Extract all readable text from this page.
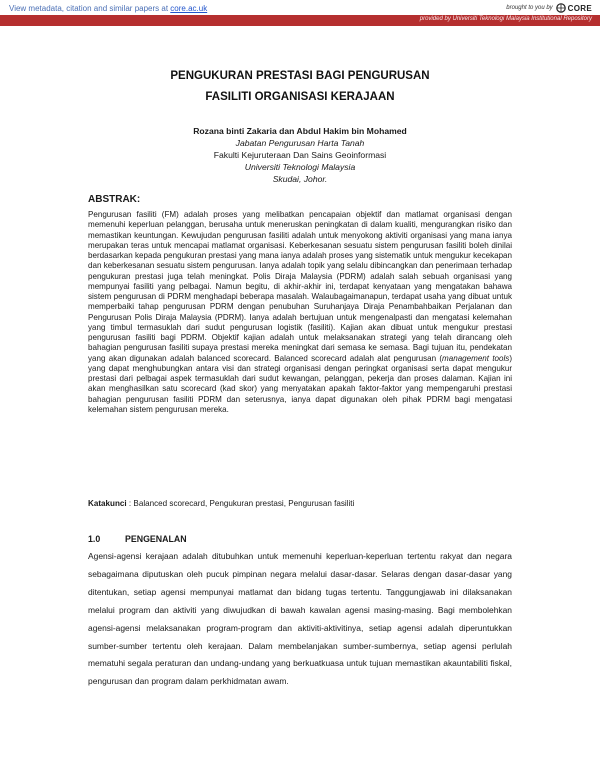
View metadata, citation and similar papers at core.ac.uk	brought to you by CORE
provided by Universiti Teknologi Malaysia Institutional Repository
PENGUKURAN PRESTASI BAGI PENGURUSAN
FASILITI ORGANISASI KERAJAAN
Rozana binti Zakaria dan Abdul Hakim bin Mohamed
Jabatan Pengurusan Harta Tanah
Fakulti Kejuruteraan Dan Sains Geoinformasi
Universiti Teknologi Malaysia
Skudai, Johor.
ABSTRAK:

Pengurusan fasiliti (FM) adalah proses yang melibatkan pencapaian objektif dan matlamat organisasi dengan memenuhi keperluan pelanggan, berusaha untuk meneruskan peningkatan di dalam kualiti, mengurangkan risiko dan memastikan keuntungan. Kewujudan pengurusan fasiliti adalah untuk menyokong aktiviti organisasi yang mana ianya merupakan teras untuk mencapai matlamat organisasi. Keberkesanan sesuatu sistem pengurusan fasiliti boleh dinilai berdasarkan kepada pengukuran prestasi yang mana ianya adalah proses yang sistematik untuk mengukur kecekapan dan keberkesanan sesuatu sistem pengurusan. Ianya adalah topik yang selalu dibincangkan dan penerimaan terhadap pengukuran prestasi juga telah meningkat. Polis Diraja Malaysia (PDRM) adalah salah sebuah organisasi yang mempunyai fasiliti yang pelbagai. Namun begitu, di akhir-akhir ini, terdapat kenyataan yang mengatakan bahawa sistem pengurusan di PDRM menghadapi beberapa masalah. Walaubagaimanapun, terdapat usaha yang dibuat untuk memperbaiki tahap pengurusan PDRM dengan penubuhan Suruhanjaya Diraja Penambahbaikan Perjalanan dan Pengurusan Polis Diraja Malaysia (PDRM). Ianya adalah bertujuan untuk mengenalpasti dan mengatasi kelemahan yang timbul termasuklah dari sudut pengurusan logistik (fasiliti). Kajian akan dibuat untuk mengukur prestasi pengurusan fasiliti bagi PDRM. Objektif kajian adalah untuk melaksanakan strategi yang telah dirancang oleh bahagian pengurusan fasiliti supaya prestasi mereka meningkat dari semasa ke semasa. Bagi tujuan itu, pendekatan yang akan digunakan adalah balanced scorecard. Balanced scorecard adalah alat pengurusan (management tools) yang dapat menghubungkan antara visi dan strategi organisasi dengan peringkat organisasi serta dapat mengukur prestasi dari pelbagai aspek termasuklah dari sudut kewangan, pelanggan, pekerja dan proses dalaman. Kajian ini akan menghasilkan satu scorecard (kad skor) yang menyatakan apakah faktor-faktor yang mempengaruhi prestasi bahagian pengurusan fasiliti PDRM dan seterusnya, ianya dapat digunakan oleh pihak PDRM bagi mengatasi kelemahan sistem pengurusan mereka.

Katakunci : Balanced scorecard, Pengukuran prestasi, Pengurusan fasiliti
1.0	PENGENALAN

Agensi-agensi kerajaan adalah ditubuhkan untuk memenuhi keperluan-keperluan tertentu rakyat dan negara sebagaimana diputuskan oleh pucuk pimpinan negara melalui dasar-dasar. Selaras dengan dasar-dasar yang ditentukan, setiap agensi mempunyai matlamat dan bidang tugas tertentu. Tanggungjawab ini dilaksanakan melalui program dan aktiviti yang diwujudkan di bawah kawalan agensi masing-masing. Bagi membolehkan agensi-agensi melaksanakan program-program dan aktiviti-aktivitinya, setiap agensi adalah diperuntukkan sumber-sumber tertentu oleh kerajaan. Dalam membelanjakan sumber-sumbernya, setiap agensi perlulah mematuhi segala peraturan dan undang-undang yang berkuatkuasa untuk tujuan memastikan akauntabiliti fiskal, pengurusan dan program dalam perkhidmatan awam.
